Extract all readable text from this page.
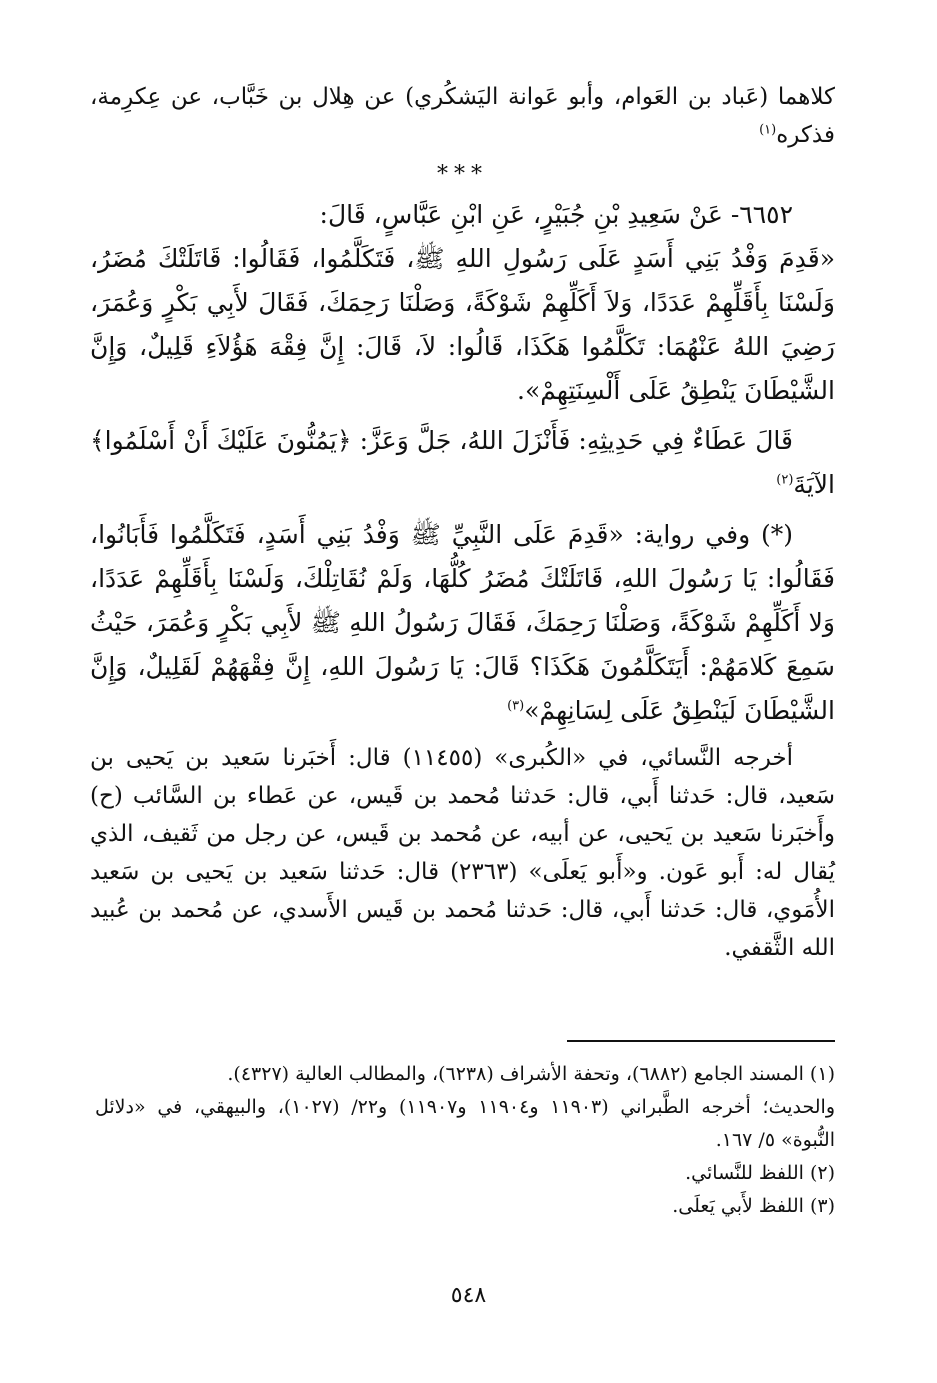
كلاهما (عَباد بن العَوام، وأبو عَوانة اليَشكُري) عن هِلال بن خَبَّاب، عن عِكرِمة، فذكره$^{(١)}$

***

٦٦٥٢- عَنْ سَعِيدِ بْنِ جُبَيْرٍ، عَنِ ابْنِ عَبَّاسٍ، قَالَ:

«قَدِمَ وَفْدُ بَنِي أَسَدٍ عَلَى رَسُولِ اللهِ ﷺ، فَتَكَلَّمُوا، فَقَالُوا: قَاتَلَتْكَ مُضَرُ، وَلَسْنَا بِأَقَلِّهِمْ عَدَدًا، وَلاَ أَكَلِّهِمْ شَوْكَةً، وَصَلْنَا رَحِمَكَ، فَقَالَ لأَبِي بَكْرٍ وَعُمَرَ، رَضِيَ اللهُ عَنْهُمَا: تَكَلَّمُوا هَكَذَا، قَالُوا: لاَ، قَالَ: إِنَّ فِقْهَ هَؤُلاَءِ قَلِيلٌ، وَإِنَّ الشَّيْطَانَ يَنْطِقُ عَلَى أَلْسِنَتِهِمْ».

قَالَ عَطَاءٌ فِي حَدِيثِهِ: فَأَنْزَلَ اللهُ، جَلَّ وَعَزَّ: ﴿يَمُنُّونَ عَلَيْكَ أَنْ أَسْلَمُوا﴾ الآيَةَ$^{(٢)}$

(*) وفي رواية: «قَدِمَ عَلَى النَّبِيِّ ﷺ وَفْدُ بَنِي أَسَدٍ، فَتَكَلَّمُوا فَأَبَانُوا، فَقَالُوا: يَا رَسُولَ اللهِ، قَاتَلَتْكَ مُضَرُ كُلُّهَا، وَلَمْ نُقَاتِلْكَ، وَلَسْنَا بِأَقَلِّهِمْ عَدَدًا، وَلا أَكَلِّهِمْ شَوْكَةً، وَصَلْنَا رَحِمَكَ، فَقَالَ رَسُولُ اللهِ ﷺ لأَبِي بَكْرٍ وَعُمَرَ، حَيْثُ سَمِعَ كَلامَهُمْ: أَيَتَكَلَّمُونَ هَكَذَا؟ قَالَ: يَا رَسُولَ اللهِ، إِنَّ فِقْهَهُمْ لَقَلِيلٌ، وَإِنَّ الشَّيْطَانَ لَيَنْطِقُ عَلَى لِسَانِهِمْ»$^{(٣)}$

أخرجه النَّسائي، في «الكُبرى» (١١٤٥٥) قال: أَخبَرنا سَعيد بن يَحيى بن سَعيد، قال: حَدثنا أَبي، قال: حَدثنا مُحمد بن قَيس، عن عَطاء بن السَّائب (ح) وأَخبَرنا سَعيد بن يَحيى، عن أبيه، عن مُحمد بن قَيس، عن رجل من ثَقيف، الذي يُقال له: أَبو عَون. و«أَبو يَعلَى» (٢٣٦٣) قال: حَدثنا سَعيد بن يَحيى بن سَعيد الأُمَوي، قال: حَدثنا أَبي، قال: حَدثنا مُحمد بن قَيس الأَسدي، عن مُحمد بن عُبيد الله الثَّقفي.

(١) المسند الجامع (٦٨٨٢)، وتحفة الأشراف (٦٢٣٨)، والمطالب العالية (٤٣٢٧).

والحديث؛ أخرجه الطَّبراني (١١٩٠٣ و١١٩٠٤ و١١٩٠٧) و٢٢/ (١٠٢٧)، والبيهقي، في «دلائل النُّبوة» ٥/ ١٦٧.

(٢) اللفظ للنَّسائي.

(٣) اللفظ لأَبي يَعلَى.

٥٤٨
